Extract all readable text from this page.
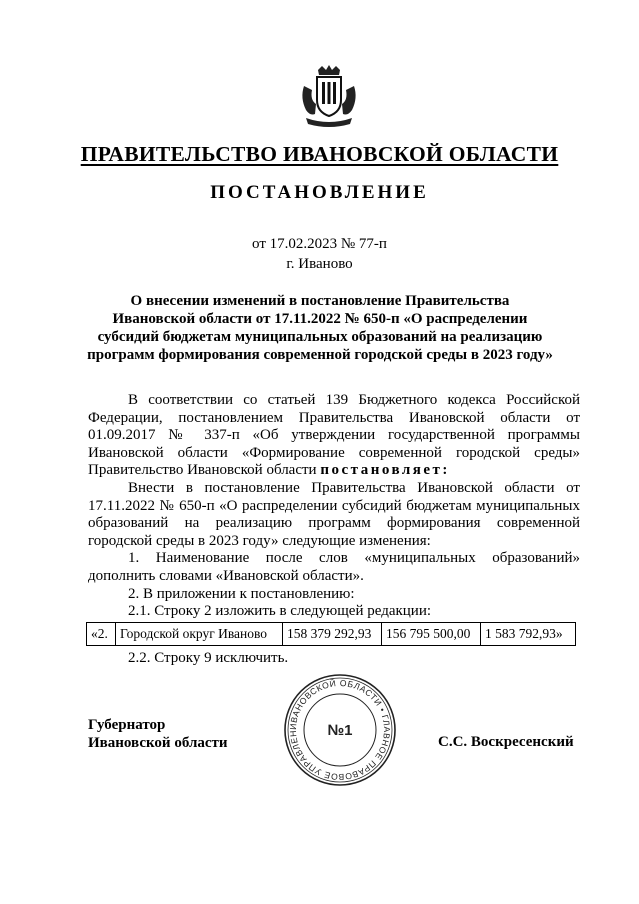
ПРАВИТЕЛЬСТВО ИВАНОВСКОЙ ОБЛАСТИ
ПОСТАНОВЛЕНИЕ
от 17.02.2023 № 77-п
г. Иваново
О внесении изменений в постановление Правительства
Ивановской области от 17.11.2022 № 650-п «О распределении
субсидий бюджетам муниципальных образований на реализацию
программ формирования современной городской среды в 2023 году»

В соответствии со статьей 139 Бюджетного кодекса Российской Федерации, постановлением Правительства Ивановской области от 01.09.2017 № 337-п «Об утверждении государственной программы Ивановской области «Формирование современной городской среды» Правительство Ивановской области постановляет:

Внести в постановление Правительства Ивановской области от 17.11.2022 № 650-п «О распределении субсидий бюджетам муниципальных образований на реализацию программ формирования современной городской среды в 2023 году» следующие изменения:

1. Наименование после слов «муниципальных образований» дополнить словами «Ивановской области».

2. В приложении к постановлению:

2.1. Строку 2 изложить в следующей редакции:

«2.	Городской округ Иваново	158 379 292,93	156 795 500,00	1 583 792,93»
2.2. Строку 9 исключить.
Губернатор
Ивановской области	С.С. Воскресенский
ИВАНОВСКОЙ ОБЛАСТИ • ГЛАВНОЕ ПРАВОВОЕ УПРАВЛЕН	№1
